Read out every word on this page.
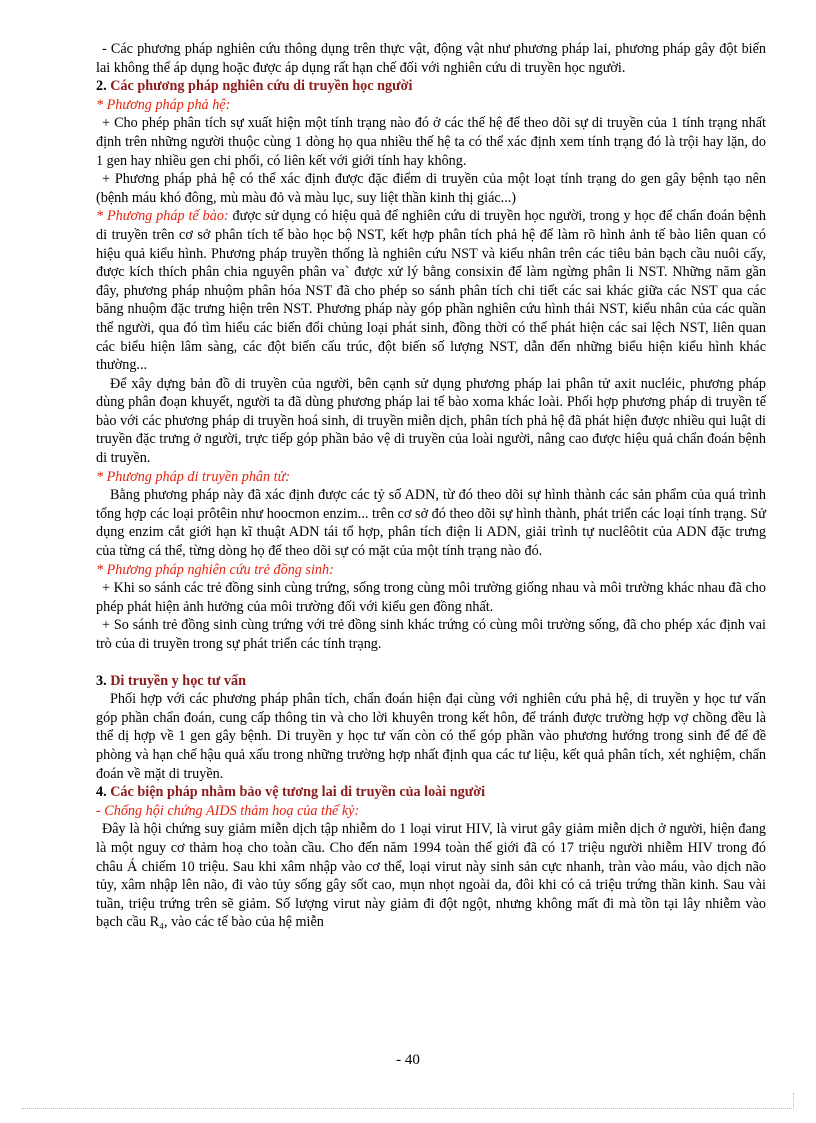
- Các phương pháp nghiên cứu thông dụng trên thực vật, động vật như phương pháp lai, phương pháp gây đột biến lai không thể áp dụng hoặc được áp dụng rất hạn chế đối với nghiên cứu di truyền học người.

2. Các phương pháp nghiên cứu di truyền học người

* Phương pháp phả hệ:

+ Cho phép phân tích sự xuất hiện một tính trạng nào đó ở các thế hệ để theo dõi sự di truyền của 1 tính trạng nhất định trên những người thuộc cùng 1 dòng họ qua nhiều thế hệ ta có thể xác định xem tính trạng đó là trội hay lặn, do 1 gen hay nhiều gen chi phối, có liên kết với giới tính hay không.

+ Phương pháp phả hệ có thể xác định được đặc điểm di truyền của một loạt tính trạng do gen gây bệnh tạo nên (bệnh máu khó đông, mù màu đỏ và màu lục, suy liệt thần kinh thị giác...)

* Phương pháp tế bào: được sử dụng có hiệu quả để nghiên cứu di truyền học người, trong y học để chẩn đoán bệnh di truyền trên cơ sở phân tích tế bào học bộ NST, kết hợp phân tích phả hệ để làm rõ hình ảnh tế bào liên quan có hiệu quả kiểu hình. Phương pháp truyền thống là nghiên cứu NST và kiểu nhân trên các tiêu bản bạch cầu nuôi cấy, được kích thích phân chia nguyên phân va` được xử lý bằng consixin để làm ngừng phân li NST. Những năm gần đây, phương pháp nhuộm phân hóa NST đã cho phép so sánh phân tích chi tiết các sai khác giữa các NST qua các băng nhuộm đặc trưng hiện trên NST. Phương pháp này góp phần nghiên cứu hình thái NST, kiểu nhân của các quần thể người, qua đó tìm hiểu các biến đổi chủng loại phát sinh, đồng thời có thể phát hiện các sai lệch NST, liên quan các biểu hiện lâm sàng, các đột biến cấu trúc, đột biến số lượng NST, dẫn đến những biểu hiện kiểu hình khác thường...

Để xây dựng bản đồ di truyền của người, bên cạnh sử dụng phương pháp lai phân tử axit nucléic, phương pháp dùng phân đoạn khuyết, người ta đã dùng phương pháp lai tế bào xoma khác loài. Phối hợp phương pháp di truyền tế bào với các phương pháp di truyền hoá sinh, di truyền miễn dịch, phân tích phả hệ đã phát hiện được nhiều qui luật di truyền đặc trưng ở người, trực tiếp góp phần bảo vệ di truyền của loài người, nâng cao được hiệu quả chẩn đoán bệnh di truyền.

* Phương pháp di truyền phân tử:

Bằng phương pháp này đã xác định được các tỷ số ADN, từ đó theo dõi sự hình thành các sản phẩm của quá trình tổng hợp các loại prôtêin như hoocmon enzim... trên cơ sở đó theo dõi sự hình thành, phát triển các loại tính trạng. Sử dụng enzim cắt giới hạn kĩ thuật ADN tái tổ hợp, phân tích điện li ADN, giải trình tự nuclêôtit của ADN đặc trưng của từng cá thể, từng dòng họ để theo dõi sự có mặt của một tính trạng nào đó.

* Phương pháp nghiên cứu trẻ đồng sinh:

+ Khi so sánh các trẻ đồng sinh cùng trứng, sống trong cùng môi trường giống nhau và môi trường khác nhau đã cho phép phát hiện ảnh hưởng của môi trường đối với kiểu gen đồng nhất.

+ So sánh trẻ đồng sinh cùng trứng với trẻ đồng sinh khác trứng có cùng môi trường sống, đã cho phép xác định vai trò của di truyền trong sự phát triển các tính trạng.

3. Di truyền y học tư vấn

Phối hợp với các phương pháp phân tích, chẩn đoán hiện đại cùng với nghiên cứu phả hệ, di truyền y học tư vấn góp phần chẩn đoán, cung cấp thông tin và cho lời khuyên trong kết hôn, để tránh được trường hợp vợ chồng đều là thể dị hợp về 1 gen gây bệnh. Di truyền y học tư vấn còn có thể góp phần vào phương hướng trong sinh để để đề phòng và hạn chế hậu quả xấu trong những trường hợp nhất định qua các tư liệu, kết quả phân tích, xét nghiệm, chẩn đoán về mặt di truyền.

4. Các biện pháp nhằm bảo vệ tương lai di truyền của loài người

- Chống hội chứng AIDS thảm hoạ của thế kỷ:

Đây là hội chứng suy giảm miễn dịch tập nhiễm do 1 loại virut HIV, là virut gây giảm miễn dịch ở người, hiện đang là một nguy cơ thảm hoạ cho toàn cầu. Cho đến năm 1994 toàn thế giới đã có 17 triệu người nhiễm HIV trong đó châu Á chiếm 10 triệu. Sau khi xâm nhập vào cơ thể, loại virut này sinh sản cực nhanh, tràn vào máu, vào dịch não tủy, xâm nhập lên não, đi vào tủy sống gây sốt cao, mụn nhọt ngoài da, đôi khi có cả triệu trứng thần kinh. Sau vài tuần, triệu trứng trên sẽ giảm. Số lượng virut này giảm đi đột ngột, nhưng không mất đi mà tồn tại lây nhiễm vào bạch cầu R₄, vào các tế bào của hệ miễn

- 40
